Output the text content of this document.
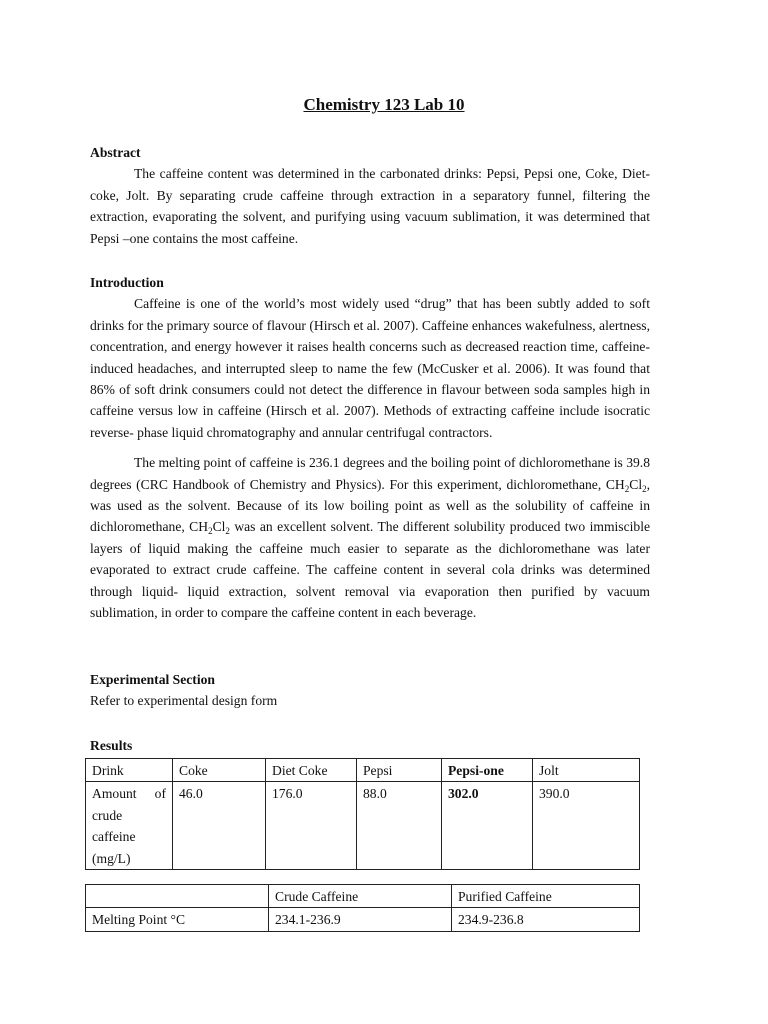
Chemistry 123 Lab 10
Abstract

The caffeine content was determined in the carbonated drinks: Pepsi, Pepsi one, Coke, Diet-coke, Jolt. By separating crude caffeine through extraction in a separatory funnel, filtering the extraction, evaporating the solvent, and purifying using vacuum sublimation, it was determined that Pepsi –one contains the most caffeine.

Introduction

Caffeine is one of the world’s most widely used “drug” that has been subtly added to soft drinks for the primary source of flavour (Hirsch et al. 2007). Caffeine enhances wakefulness, alertness, concentration, and energy however it raises health concerns such as decreased reaction time, caffeine- induced headaches, and interrupted sleep to name the few (McCusker et al. 2006). It was found that 86% of soft drink consumers could not detect the difference in flavour between soda samples high in caffeine versus low in caffeine (Hirsch et al. 2007). Methods of extracting caffeine include isocratic reverse- phase liquid chromatography and annular centrifugal contractors.

The melting point of caffeine is 236.1 degrees and the boiling point of dichloromethane is 39.8 degrees (CRC Handbook of Chemistry and Physics). For this experiment, dichloromethane, $CH_2Cl_2$, was used as the solvent. Because of its low boiling point as well as the solubility of caffeine in dichloromethane, $CH_2Cl_2$ was an excellent solvent. The different solubility produced two immiscible layers of liquid making the caffeine much easier to separate as the dichloromethane was later evaporated to extract crude caffeine. The caffeine content in several cola drinks was determined through liquid- liquid extraction, solvent removal via evaporation then purified by vacuum sublimation, in order to compare the caffeine content in each beverage.

Experimental Section

Refer to experimental design form

Results
Drink	Coke	Diet Coke	Pepsi	Pepsi-one	Jolt

Amount of
crude
caffeine
(mg/L)	46.0	176.0	88.0	302.0	390.0
	Crude Caffeine	Purified Caffeine
Melting Point °C	234.1-236.9	234.9-236.8
